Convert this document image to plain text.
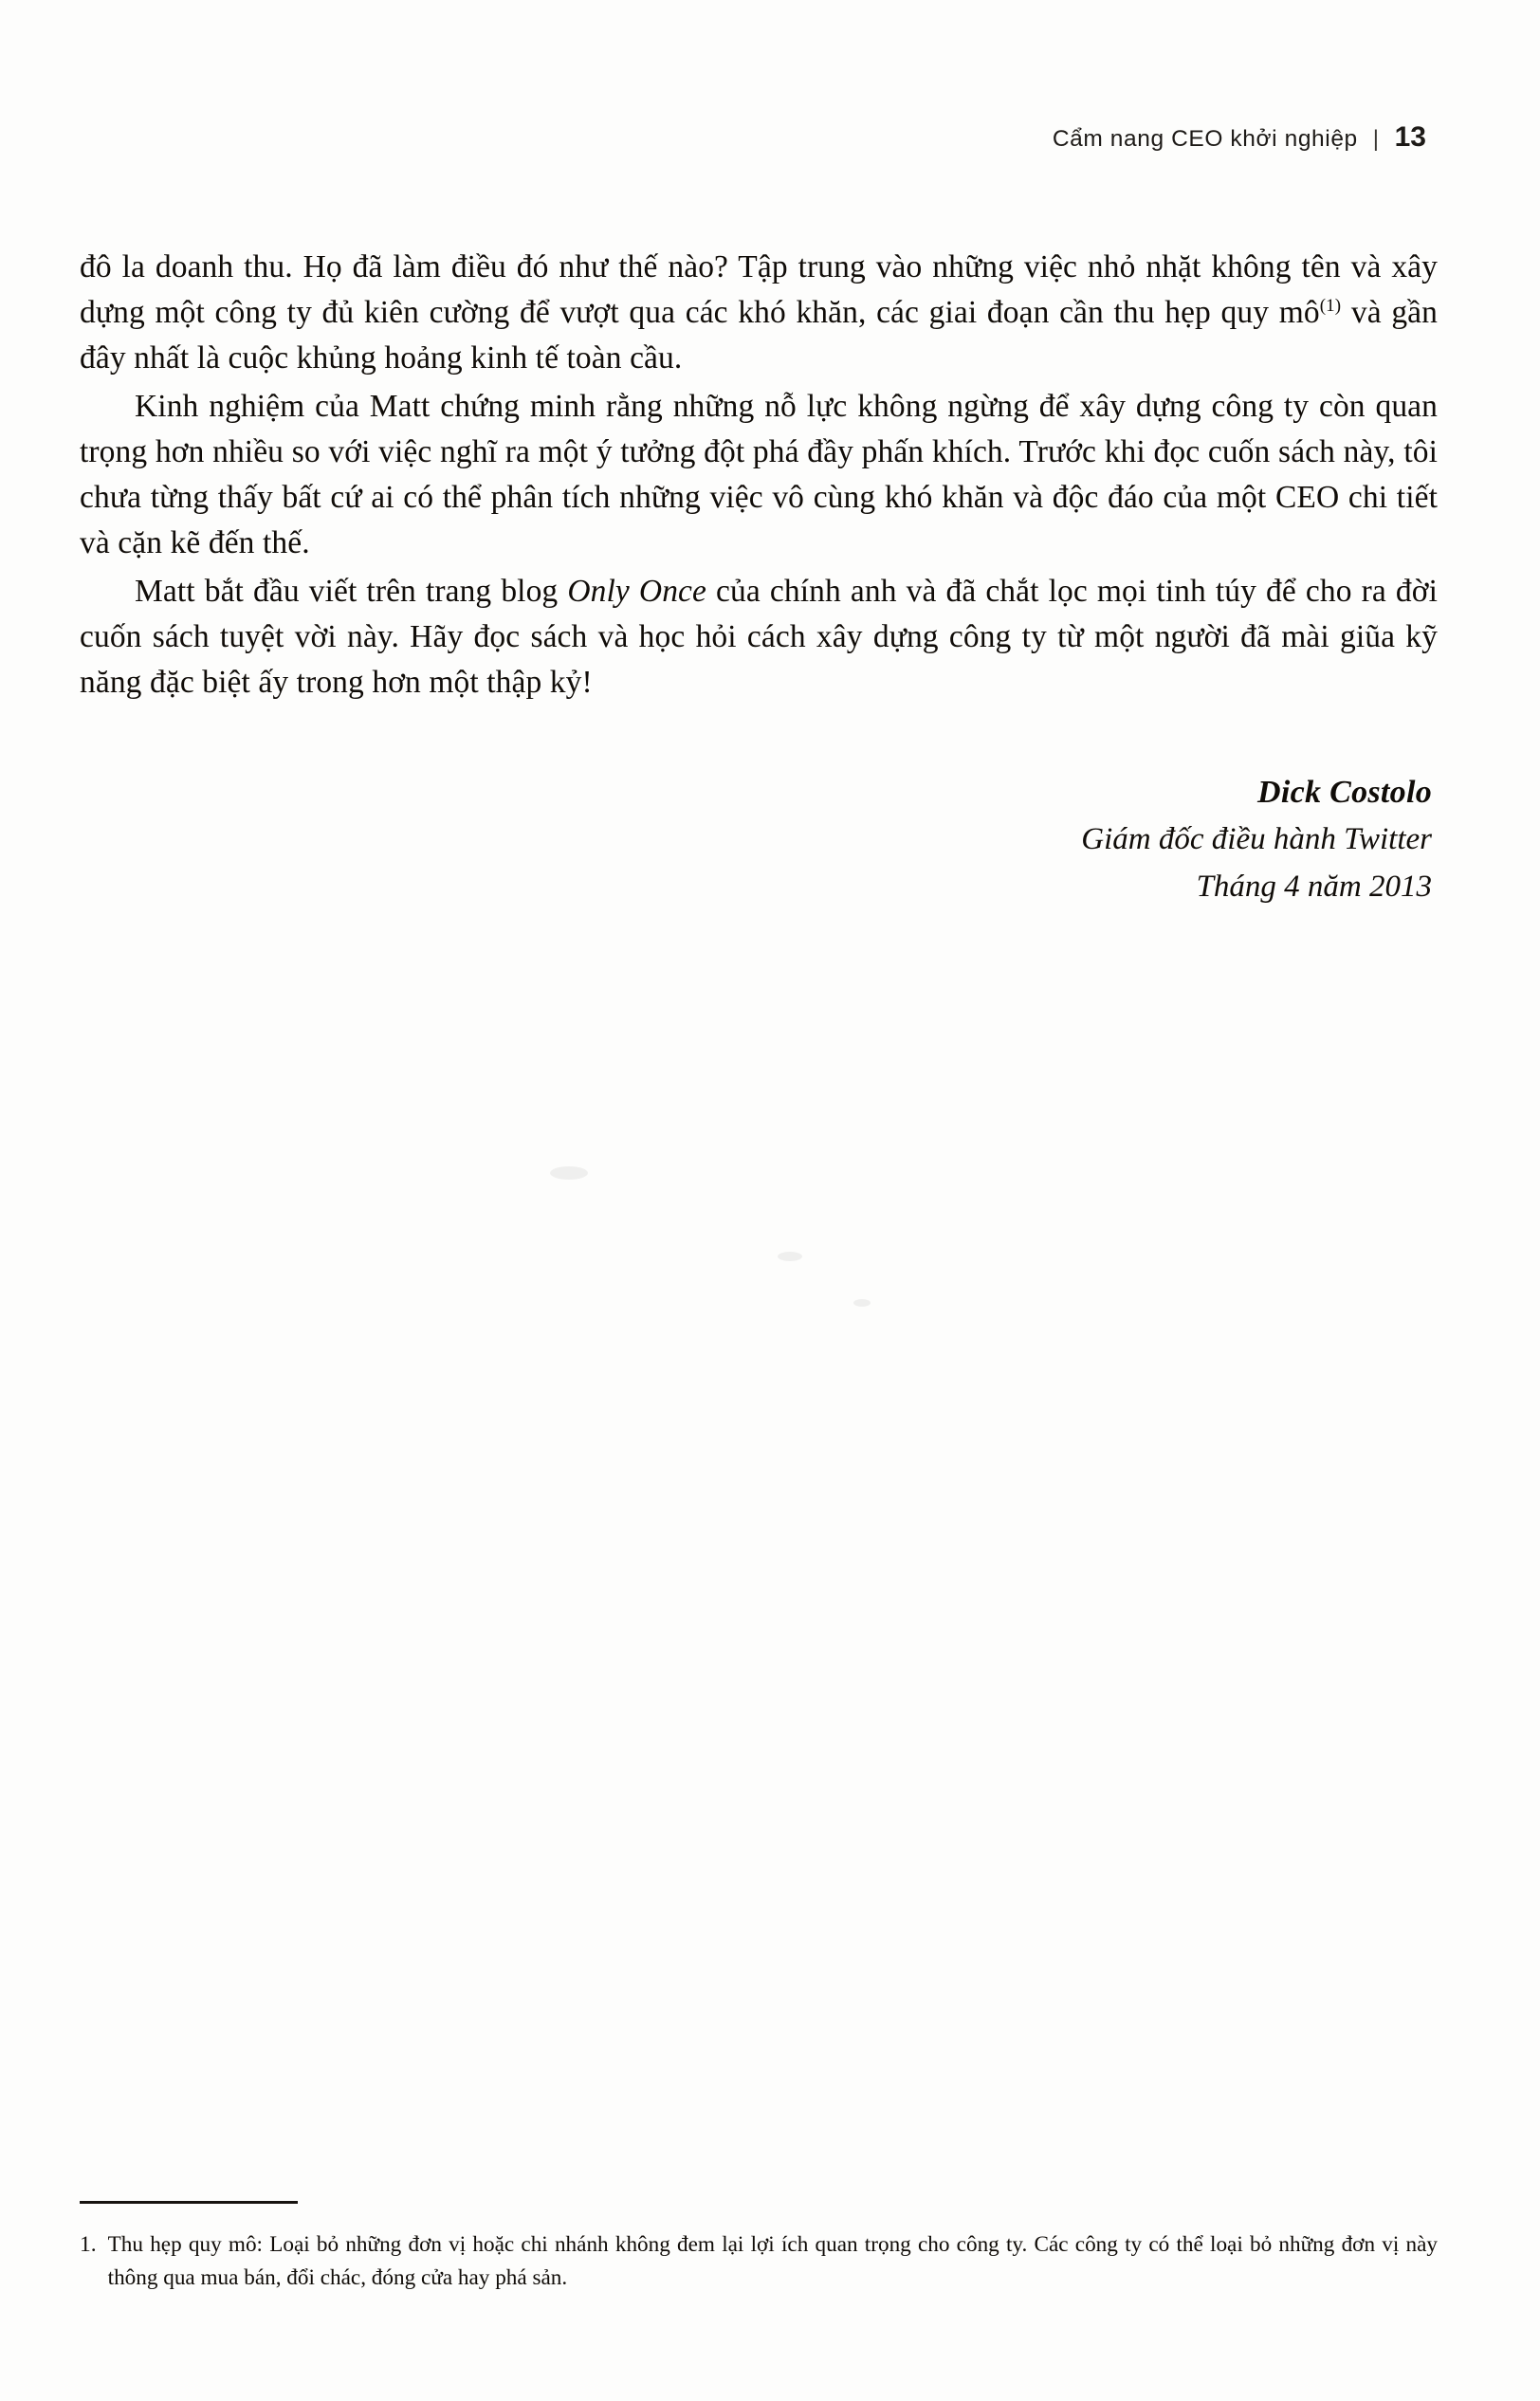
Cẩm nang CEO khởi nghiệp | 13

đô la doanh thu. Họ đã làm điều đó như thế nào? Tập trung vào những việc nhỏ nhặt không tên và xây dựng một công ty đủ kiên cường để vượt qua các khó khăn, các giai đoạn cần thu hẹp quy mô$^{(1)}$ và gần đây nhất là cuộc khủng hoảng kinh tế toàn cầu.

Kinh nghiệm của Matt chứng minh rằng những nỗ lực không ngừng để xây dựng công ty còn quan trọng hơn nhiều so với việc nghĩ ra một ý tưởng đột phá đầy phấn khích. Trước khi đọc cuốn sách này, tôi chưa từng thấy bất cứ ai có thể phân tích những việc vô cùng khó khăn và độc đáo của một CEO chi tiết và cặn kẽ đến thế.

Matt bắt đầu viết trên trang blog Only Once của chính anh và đã chắt lọc mọi tinh túy để cho ra đời cuốn sách tuyệt vời này. Hãy đọc sách và học hỏi cách xây dựng công ty từ một người đã mài giũa kỹ năng đặc biệt ấy trong hơn một thập kỷ!

Dick Costolo
Giám đốc điều hành Twitter
Tháng 4 năm 2013
1. Thu hẹp quy mô: Loại bỏ những đơn vị hoặc chi nhánh không đem lại lợi ích quan trọng cho công ty. Các công ty có thể loại bỏ những đơn vị này thông qua mua bán, đổi chác, đóng cửa hay phá sản.
